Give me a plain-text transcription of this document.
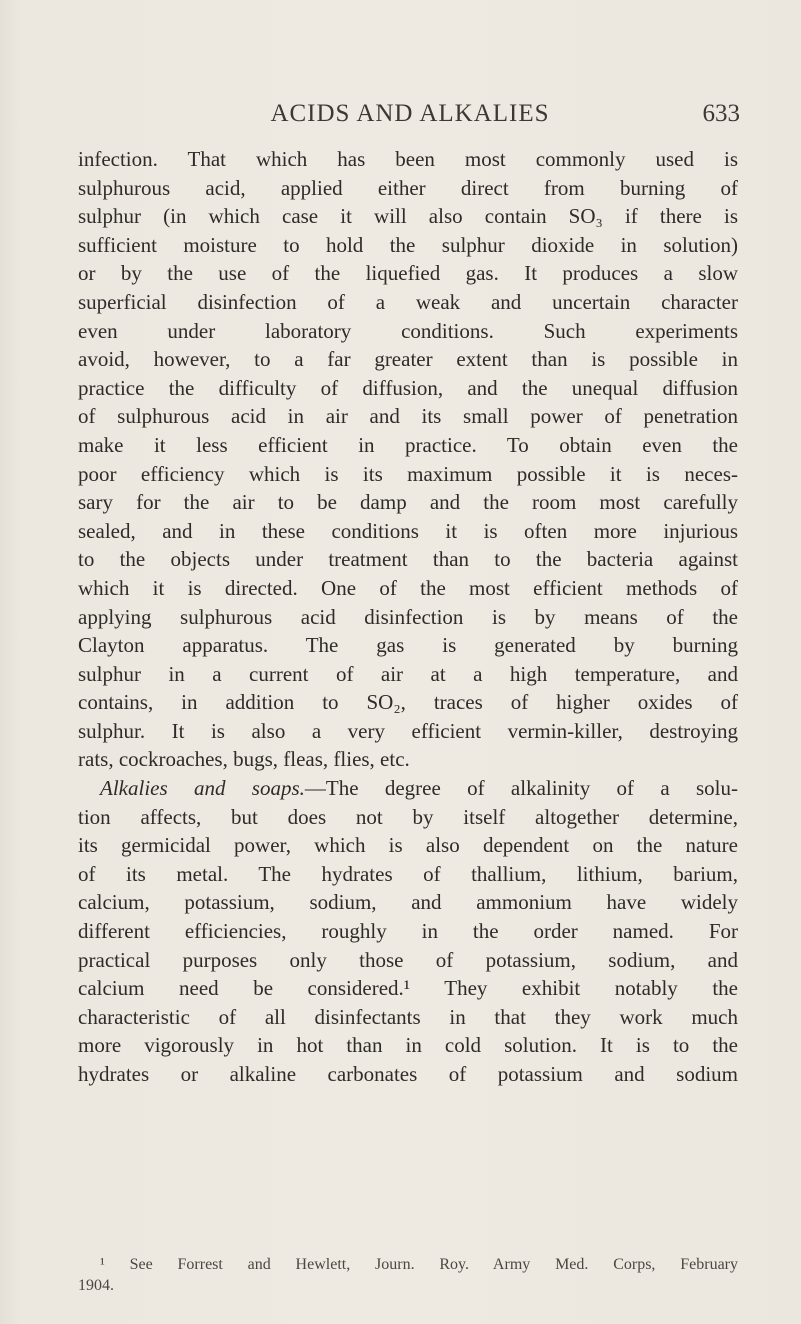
ACIDS AND ALKALIES	633
infection. That which has been most commonly used is
sulphurous acid, applied either direct from burning of
sulphur (in which case it will also contain SO₃ if there is
sufficient moisture to hold the sulphur dioxide in solution)
or by the use of the liquefied gas. It produces a slow
superficial disinfection of a weak and uncertain character
even under laboratory conditions. Such experiments
avoid, however, to a far greater extent than is possible in
practice the difficulty of diffusion, and the unequal diffusion
of sulphurous acid in air and its small power of penetration
make it less efficient in practice. To obtain even the
poor efficiency which is its maximum possible it is neces-
sary for the air to be damp and the room most carefully
sealed, and in these conditions it is often more injurious
to the objects under treatment than to the bacteria against
which it is directed. One of the most efficient methods of
applying sulphurous acid disinfection is by means of the
Clayton apparatus. The gas is generated by burning
sulphur in a current of air at a high temperature, and
contains, in addition to SO₂, traces of higher oxides of
sulphur. It is also a very efficient vermin-killer, destroying
rats, cockroaches, bugs, fleas, flies, etc.
Alkalies and soaps.—The degree of alkalinity of a solu-
tion affects, but does not by itself altogether determine,
its germicidal power, which is also dependent on the nature
of its metal. The hydrates of thallium, lithium, barium,
calcium, potassium, sodium, and ammonium have widely
different efficiencies, roughly in the order named. For
practical purposes only those of potassium, sodium, and
calcium need be considered.¹ They exhibit notably the
characteristic of all disinfectants in that they work much
more vigorously in hot than in cold solution. It is to the
hydrates or alkaline carbonates of potassium and sodium
¹ See Forrest and Hewlett, Journ. Roy. Army Med. Corps, February
1904.
